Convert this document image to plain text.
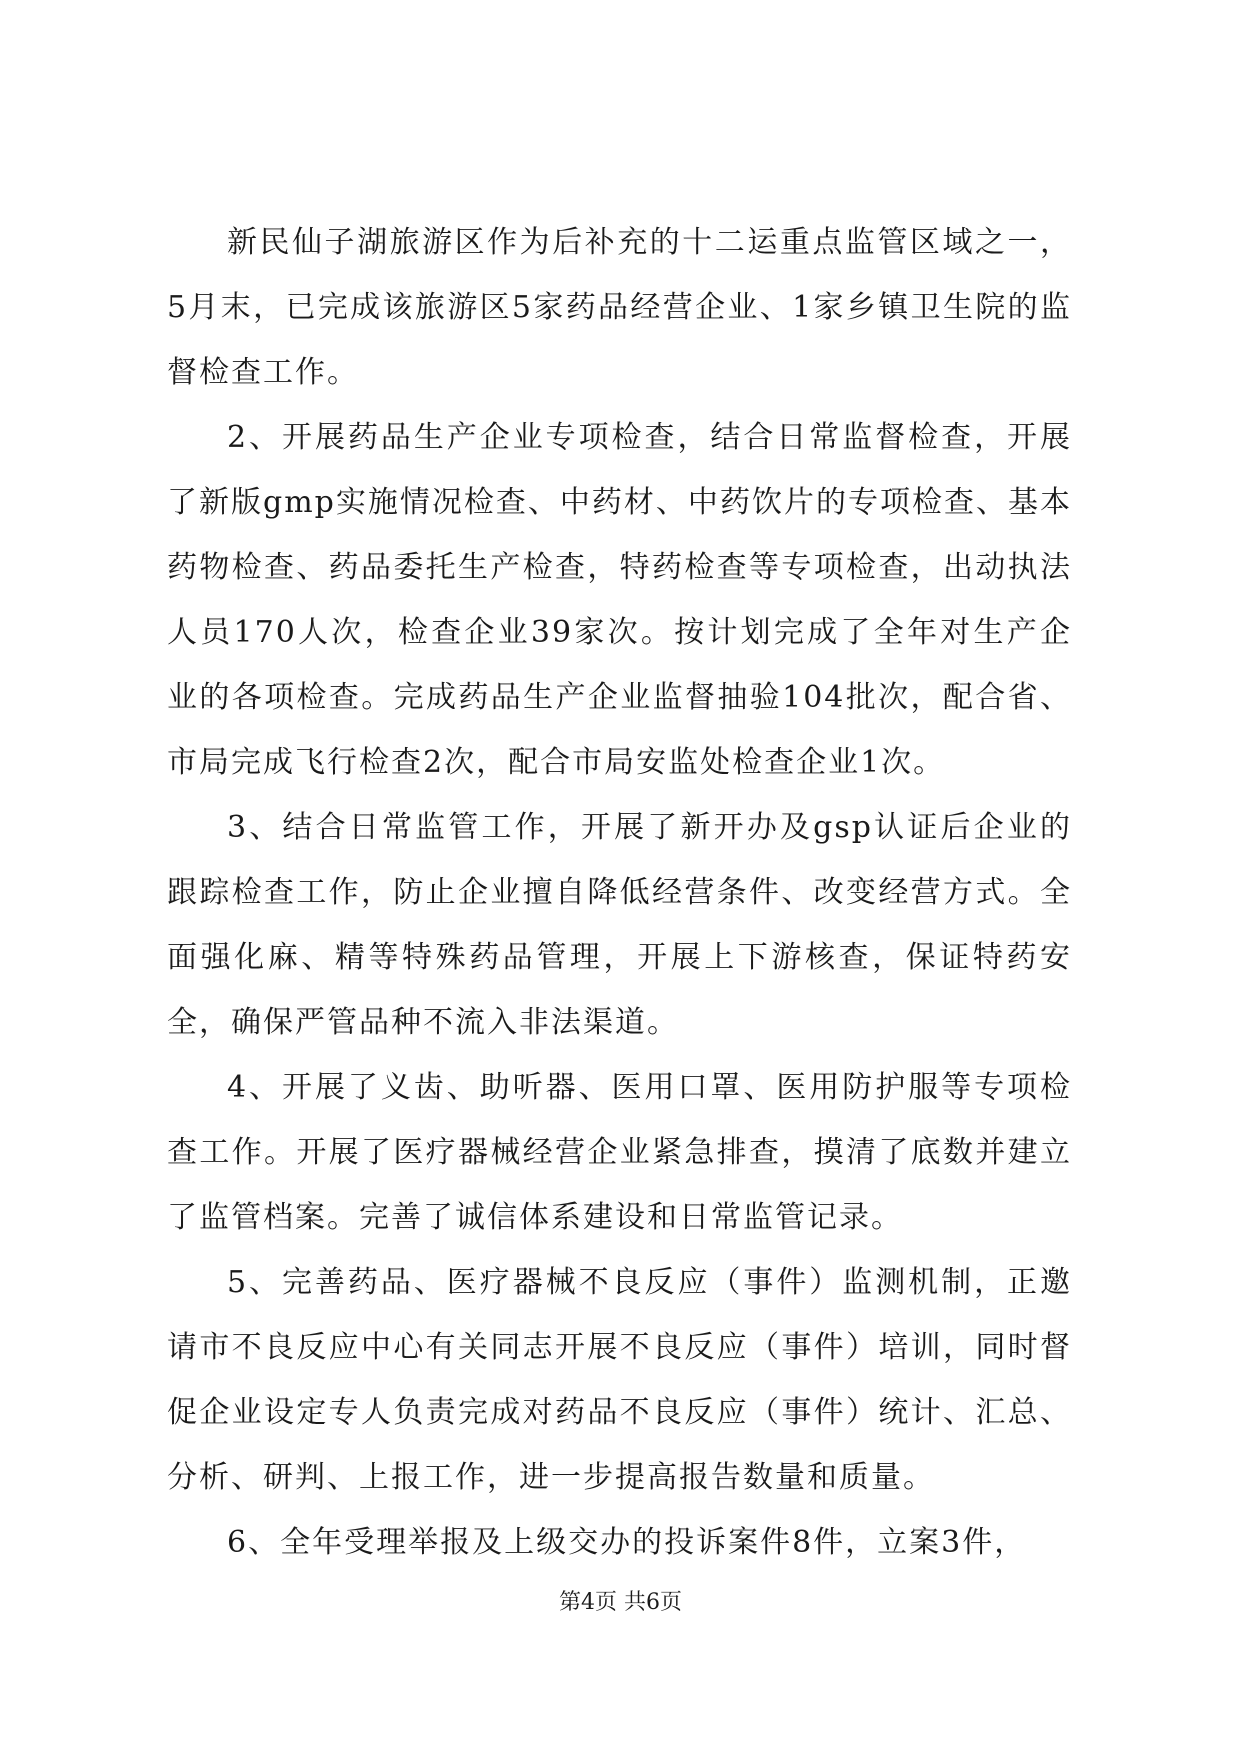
新民仙子湖旅游区作为后补充的十二运重点监管区域之一，5月末，已完成该旅游区5家药品经营企业、1家乡镇卫生院的监督检查工作。

2、开展药品生产企业专项检查，结合日常监督检查，开展了新版gmp实施情况检查、中药材、中药饮片的专项检查、基本药物检查、药品委托生产检查，特药检查等专项检查，出动执法人员170人次，检查企业39家次。按计划完成了全年对生产企业的各项检查。完成药品生产企业监督抽验104批次，配合省、市局完成飞行检查2次，配合市局安监处检查企业1次。

3、结合日常监管工作，开展了新开办及gsp认证后企业的跟踪检查工作，防止企业擅自降低经营条件、改变经营方式。全面强化麻、精等特殊药品管理，开展上下游核查，保证特药安全，确保严管品种不流入非法渠道。

4、开展了义齿、助听器、医用口罩、医用防护服等专项检查工作。开展了医疗器械经营企业紧急排查，摸清了底数并建立了监管档案。完善了诚信体系建设和日常监管记录。

5、完善药品、医疗器械不良反应（事件）监测机制，正邀请市不良反应中心有关同志开展不良反应（事件）培训，同时督促企业设定专人负责完成对药品不良反应（事件）统计、汇总、分析、研判、上报工作，进一步提高报告数量和质量。

6、全年受理举报及上级交办的投诉案件8件，立案3件，

第4页 共6页
